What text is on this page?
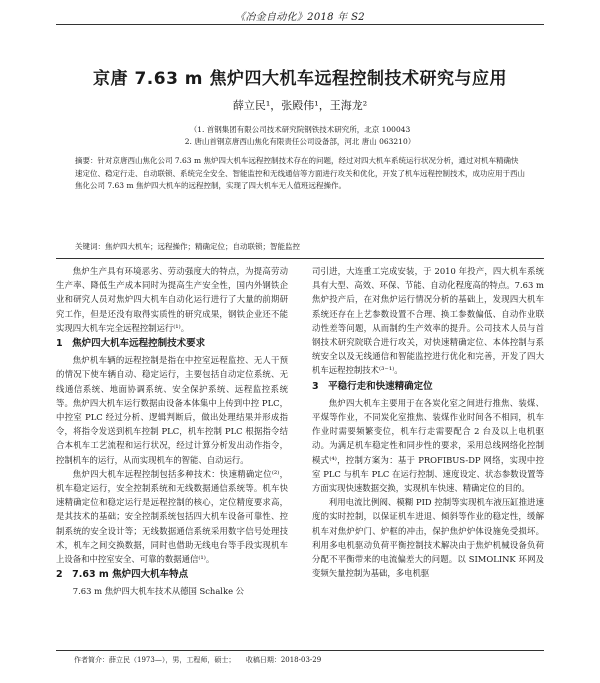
《冶金自动化》2018 年 S2
京唐 7.63 m 焦炉四大机车远程控制技术研究与应用
薛立民¹，张殿伟¹，王海龙²
（1. 首钢集团有限公司技术研究院钢铁技术研究所，北京 100043
2. 唐山首钢京唐西山焦化有限责任公司设备部，河北 唐山 063210）
摘要：针对京唐西山焦化公司 7.63 m 焦炉四大机车远程控制技术存在的问题，经过对四大机车系统运行状况分析，通过对机车精确快速定位、稳定行走、自动联锁、系统完全安全、智能监控和无线通信等方面进行攻关和优化，开发了机车远程控制技术，成功应用于西山焦化公司 7.63 m 焦炉四大机车的远程控制，实现了四大机车无人值班远程操作。
关键词：焦炉四大机车；远程操作；精确定位；自动联锁；智能监控

焦炉生产具有环境恶劣、劳动强度大的特点，为提高劳动生产率、降低生产成本同时为提高生产安全性，国内外钢铁企业和研究人员对焦炉四大机车自动化运行进行了大量的前期研究工作，但是还没有取得实质性的研究成果，钢铁企业还不能实现四大机车完全远程控制运行⁽¹⁾。

1　焦炉四大机车远程控制技术要求

焦炉机车辆的远程控制是指在中控室远程监控、无人干预的情况下使车辆自动、稳定运行，主要包括自动定位系统、无线通信系统、地面协调系统、安全保护系统、远程监控系统等。焦炉四大机车运行数据由设备本体集中上传到中控 PLC，中控室 PLC 经过分析、逻辑判断后，做出处理结果并形成指令，将指令发送到机车控制 PLC，机车控制 PLC 根据指令结合本机车工艺流程和运行状况，经过计算分析发出动作指令，控制机车的运行，从而实现机车的智能、自动运行。

焦炉四大机车远程控制包括多种技术：快速精确定位⁽²⁾，机车稳定运行，安全控制系统和无线数据通信系统等。机车快速精确定位和稳定运行是远程控制的核心，定位精度要求高，是其技术的基础；安全控制系统包括四大机车设备可靠性、控制系统的安全设计等；无线数据通信系统采用数字信号处理技术，机车之间交换数据，同时也借助无线电台等手段实现机车上设备和中控室安全、可靠的数据通信⁽¹⁾。

2　7.63 m 焦炉四大机车特点

7.63 m 焦炉四大机车技术从德国 Schalke 公

司引进，大连重工完成安装，于 2010 年投产，四大机车系统具有大型、高效、环保、节能、自动化程度高的特点。7.63 m 焦炉投产后，在对焦炉运行情况分析的基础上，发现四大机车系统还存在上艺参数设置不合理、换工参数偏低、自动作业联动性差等问题，从而制约生产效率的提升。公司技术人员与首钢技术研究院联合进行攻关，对快速精确定位、本体控制与系统安全以及无线通信和智能监控进行优化和完善，开发了四大机车远程控制技术⁽³⁻¹⁾。

3　平稳行走和快速精确定位

焦炉四大机车主要用于在各炭化室之间进行推焦、装煤、平煤等作业，不同炭化室推焦、装煤作业时间各不相同，机车作业时需要频繁变位，机车行走需要配合 2 台及以上电机驱动。为满足机车稳定性和同步性的要求，采用总线网络化控制模式⁽⁴⁾，控制方案为：基于 PROFIBUS-DP 网络，实现中控室 PLC 与机车 PLC 在运行控制、速度设定、状态参数设置等方面实现快速数据交换，实现机车快速、精确定位的目的。

利用电流比例阀、模糊 PID 控制等实现机车液压缸推进速度的实时控制，以保证机车进退、倾斜等作业的稳定性，缓解机车对焦炉炉门、炉框的冲击，保护焦炉炉体设施免受损坏。利用多电机驱动负荷平衡控制技术解决由于焦炉机械设备负荷分配不平衡带来的电流偏差大的问题。以 SIMOLINK 环网及变频矢量控制为基础，多电机驱

作者简介：薛立民（1973—），男，工程师，硕士；　　收稿日期：2018-03-29
